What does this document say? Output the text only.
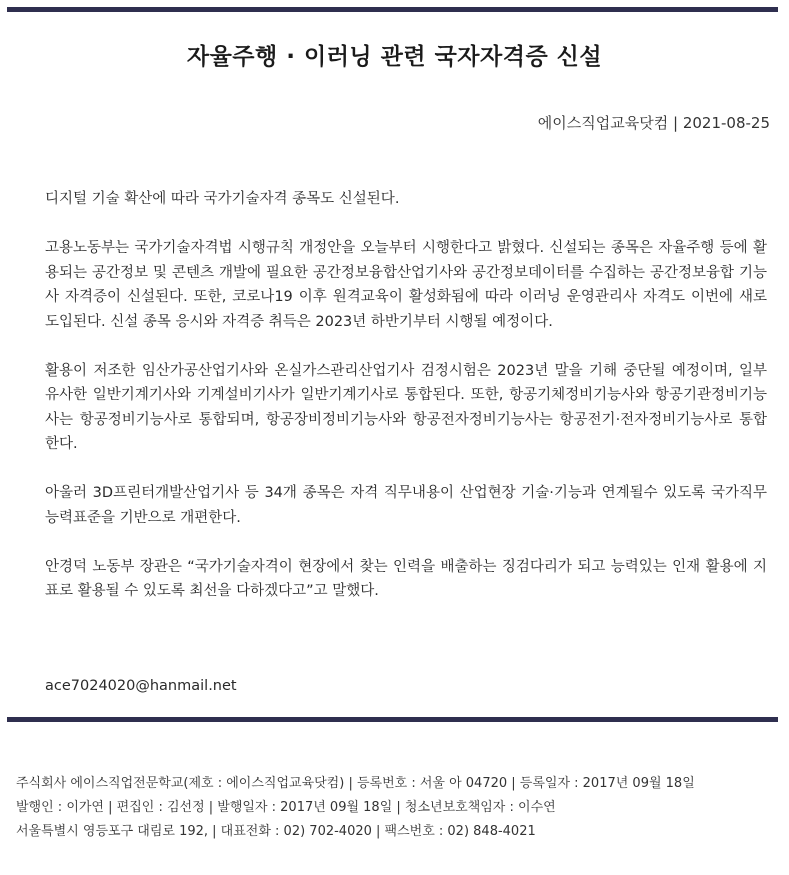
자율주행 · 이러닝 관련 국자자격증 신설
에이스직업교육닷컴 | 2021-08-25

디지털 기술 확산에 따라 국가기술자격 종목도 신설된다.

고용노동부는 국가기술자격법 시행규칙 개정안을 오늘부터 시행한다고 밝혔다. 신설되는 종목은 자율주행 등에 활용되는 공간정보 및 콘텐츠 개발에 필요한 공간정보융합산업기사와 공간정보데이터를 수집하는 공간정보융합 기능사 자격증이 신설된다. 또한, 코로나19 이후 원격교육이 활성화됨에 따라 이러닝 운영관리사 자격도 이번에 새로 도입된다. 신설 종목 응시와 자격증 취득은 2023년 하반기부터 시행될 예정이다.

활용이 저조한 임산가공산업기사와 온실가스관리산업기사 검정시험은 2023년 말을 기해 중단될 예정이며, 일부 유사한 일반기계기사와 기계설비기사가 일반기계기사로 통합된다. 또한, 항공기체정비기능사와 항공기관정비기능사는 항공정비기능사로 통합되며, 항공장비정비기능사와 항공전자정비기능사는 항공전기·전자정비기능사로 통합한다.

아울러 3D프린터개발산업기사 등 34개 종목은 자격 직무내용이 산업현장 기술·기능과 연계될수 있도록 국가직무능력표준을 기반으로 개편한다.

안경덕 노동부 장관은 “국가기술자격이 현장에서 찾는 인력을 배출하는 징검다리가 되고 능력있는 인재 활용에 지표로 활용될 수 있도록 최선을 다하겠다고”고 말했다.

ace7024020@hanmail.net
주식회사 에이스직업전문학교(제호 : 에이스직업교육닷컴) | 등록번호 : 서울 아 04720 | 등록일자 : 2017년 09월 18일
발행인 : 이가연 | 편집인 : 김선정 | 발행일자 : 2017년 09월 18일 | 청소년보호책임자 : 이수연
서울특별시 영등포구 대림로 192, | 대표전화 : 02) 702-4020 | 팩스번호 : 02) 848-4021
